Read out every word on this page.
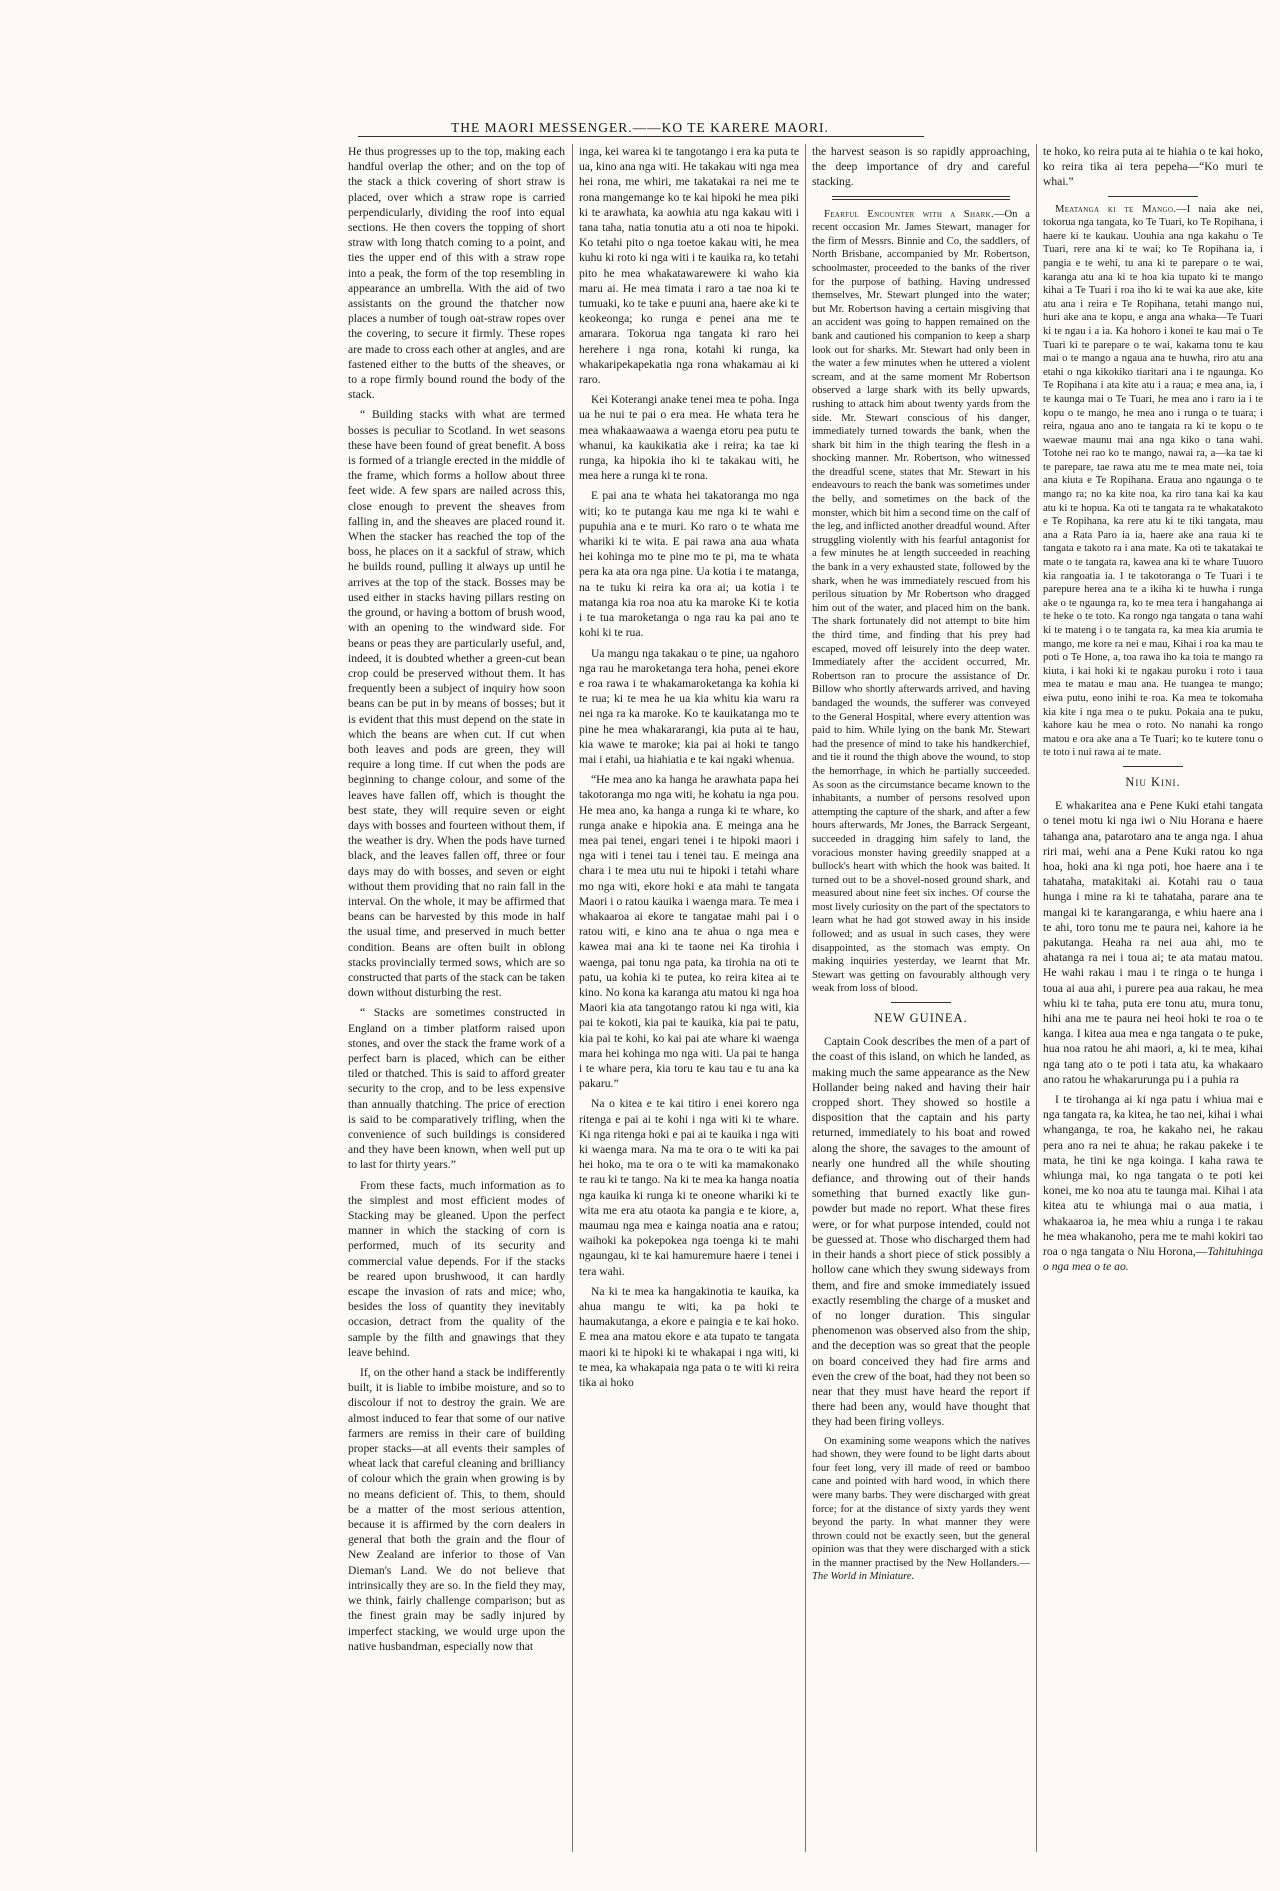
THE MAORI MESSENGER.——KO TE KARERE MAORI.

He thus progresses up to the top, making each handful overlap the other; and on the top of the stack a thick covering of short straw is placed, over which a straw rope is carried perpendicularly, dividing the roof into equal sections. He then covers the topping of short straw with long thatch coming to a point, and ties the upper end of this with a straw rope into a peak, the form of the top resembling in appearance an umbrella. With the aid of two assistants on the ground the thatcher now places a number of tough oat-straw ropes over the covering, to secure it firmly. These ropes are made to cross each other at angles, and are fastened either to the butts of the sheaves, or to a rope firmly bound round the body of the stack.

“ Building stacks with what are termed bosses is peculiar to Scotland. In wet seasons these have been found of great benefit. A boss is formed of a triangle erected in the middle of the frame, which forms a hollow about three feet wide. A few spars are nailed across this, close enough to prevent the sheaves from falling in, and the sheaves are placed round it. When the stacker has reached the top of the boss, he places on it a sackful of straw, which he builds round, pulling it always up until he arrives at the top of the stack. Bosses may be used either in stacks having pillars resting on the ground, or having a bottom of brush wood, with an opening to the windward side. For beans or peas they are particularly useful, and, indeed, it is doubted whether a green-cut bean crop could be preserved without them. It has frequently been a subject of inquiry how soon beans can be put in by means of bosses; but it is evident that this must depend on the state in which the beans are when cut. If cut when both leaves and pods are green, they will require a long time. If cut when the pods are beginning to change colour, and some of the leaves have fallen off, which is thought the best state, they will require seven or eight days with bosses and fourteen without them, if the weather is dry. When the pods have turned black, and the leaves fallen off, three or four days may do with bosses, and seven or eight without them providing that no rain fall in the interval. On the whole, it may be affirmed that beans can be harvested by this mode in half the usual time, and preserved in much better condition. Beans are often built in oblong stacks provincially termed sows, which are so constructed that parts of the stack can be taken down without disturbing the rest.

“ Stacks are sometimes constructed in England on a timber platform raised upon stones, and over the stack the frame work of a perfect barn is placed, which can be either tiled or thatched. This is said to afford greater security to the crop, and to be less expensive than annually thatching. The price of erection is said to be comparatively trifling, when the convenience of such buildings is considered and they have been known, when well put up to last for thirty years.”

From these facts, much information as to the simplest and most efficient modes of Stacking may be gleaned. Upon the perfect manner in which the stacking of corn is performed, much of its security and commercial value depends. For if the stacks be reared upon brushwood, it can hardly escape the invasion of rats and mice; who, besides the loss of quantity they inevitably occasion, detract from the quality of the sample by the filth and gnawings that they leave behind.

If, on the other hand a stack be indifferently built, it is liable to imbibe moisture, and so to discolour if not to destroy the grain. We are almost induced to fear that some of our native farmers are remiss in their care of building proper stacks—at all events their samples of wheat lack that careful cleaning and brilliancy of colour which the grain when growing is by no means deficient of. This, to them, should be a matter of the most serious attention, because it is affirmed by the corn dealers in general that both the grain and the flour of New Zealand are inferior to those of Van Dieman's Land. We do not believe that intrinsically they are so. In the field they may, we think, fairly challenge comparison; but as the finest grain may be sadly injured by imperfect stacking, we would urge upon the native husbandman, especially now that

inga, kei warea ki te tangotango i era ka puta te ua, kino ana nga witi. He takakau witi nga mea hei rona, me whiri, me takatakai ra nei me te rona mangemange ko te kai hipoki he mea piki ki te arawhata, ka aowhia atu nga kakau witi i tana taha, natia tonutia atu a oti noa te hipoki. Ko tetahi pito o nga toetoe kakau witi, he mea kuhu ki roto ki nga witi i te kauika ra, ko tetahi pito he mea whakatawarewere ki waho kia maru ai. He mea timata i raro a tae noa ki te tumuaki, ko te take e puuni ana, haere ake ki te keokeonga; ko runga e penei ana me te amarara. Tokorua nga tangata ki raro hei herehere i nga rona, kotahi ki runga, ka whakaripekapekatia nga rona whakamau ai ki raro.

Kei Koterangi anake tenei mea te poha. Inga ua he nui te pai o era mea. He whata tera he mea whakaawaawa a waenga etoru pea putu te whanui, ka kaukikatia ake i reira; ka tae ki runga, ka hipokia iho ki te takakau witi, he mea here a runga ki te rona.

E pai ana te whata hei takatoranga mo nga witi; ko te putanga kau me nga ki te wahi e pupuhia ana e te muri. Ko raro o te whata me whariki ki te wita. E pai rawa ana aua whata hei kohinga mo te pine mo te pi, ma te whata pera ka ata ora nga pine. Ua kotia i te matanga, na te tuku ki reira ka ora ai; ua kotia i te matanga kia roa noa atu ka maroke Ki te kotia i te tua maroketanga o nga rau ka pai ano te kohi ki te rua.

Ua mangu nga takakau o te pine, ua ngahoro nga rau he maroketanga tera hoha, penei ekore e roa rawa i te whakamaroketanga ka kohia ki te rua; ki te mea he ua kia whitu kia waru ra nei nga ra ka maroke. Ko te kauikatanga mo te pine he mea whakararangi, kia puta ai te hau, kia wawe te maroke; kia pai ai hoki te tango mai i etahi, ua hiahiatia e te kai ngaki whenua.

“He mea ano ka hanga he arawhata papa hei takotoranga mo nga witi, he kohatu ia nga pou. He mea ano, ka hanga a runga ki te whare, ko runga anake e hipokia ana. E meinga ana he mea pai tenei, engari tenei i te hipoki maori i nga witi i tenei tau i tenei tau. E meinga ana chara i te mea utu nui te hipoki i tetahi whare mo nga witi, ekore hoki e ata mahi te tangata Maori i o ratou kauika i waenga mara. Te mea i whakaaroa ai ekore te tangatae mahi pai i o ratou witi, e kino ana te ahua o nga mea e kawea mai ana ki te taone nei Ka tirohia i waenga, pai tonu nga pata, ka tirohia na oti te patu, ua kohia ki te putea, ko reira kitea ai te kino. No kona ka karanga atu matou ki nga hoa Maori kia ata tangotango ratou ki nga witi, kia pai te kokoti, kia pai te kauika, kia pai te patu, kia pai te kohi, ko kai pai ate whare ki waenga mara hei kohinga mo nga witi. Ua pai te hanga i te whare pera, kia toru te kau tau e tu ana ka pakaru.”

Na o kitea e te kai titiro i enei korero nga ritenga e pai ai te kohi i nga witi ki te whare. Ki nga ritenga hoki e pai ai te kauika i nga witi ki waenga mara. Na ma te ora o te witi ka pai hei hoko, ma te ora o te witi ka mamakonako te rau ki te tango. Na ki te mea ka hanga noatia nga kauika ki runga ki te oneone whariki ki te wita me era atu otaota ka pangia e te kiore, a, maumau nga mea e kainga noatia ana e ratou; waihoki ka pokepokea nga toenga ki te mahi ngaungau, ki te kai hamuremure haere i tenei i tera wahi.

Na ki te mea ka hangakinotia te kauika, ka ahua mangu te witi, ka pa hoki te haumakutanga, a ekore e paingia e te kai hoko. E mea ana matou ekore e ata tupato te tangata maori ki te hipoki ki te whakapai i nga witi, ki te mea, ka whakapaia nga pata o te witi ki reira tika ai hoko

the harvest season is so rapidly approaching, the deep importance of dry and careful stacking.

Fearful Encounter with a Shark.—On a recent occasion Mr. James Stewart, manager for the firm of Messrs. Binnie and Co, the saddlers, of North Brisbane, accompanied by Mr. Robertson, schoolmaster, proceeded to the banks of the river for the purpose of bathing. Having undressed themselves, Mr. Stewart plunged into the water; but Mr. Robertson having a certain misgiving that an accident was going to happen remained on the bank and cautioned his companion to keep a sharp look out for sharks. Mr. Stewart had only been in the water a few minutes when he uttered a violent scream, and at the same moment Mr Robertson observed a large shark with its belly upwards, rushing to attack him about twenty yards from the side. Mr. Stewart conscious of his danger, immediately turned towards the bank, when the shark bit him in the thigh tearing the flesh in a shocking manner. Mr. Robertson, who witnessed the dreadful scene, states that Mr. Stewart in his endeavours to reach the bank was sometimes under the belly, and sometimes on the back of the monster, which bit him a second time on the calf of the leg, and inflicted another dreadful wound. After struggling violently with his fearful antagonist for a few minutes he at length succeeded in reaching the bank in a very exhausted state, followed by the shark, when he was immediately rescued from his perilous situation by Mr Robertson who dragged him out of the water, and placed him on the bank. The shark fortunately did not attempt to bite him the third time, and finding that his prey had escaped, moved off leisurely into the deep water. Immediately after the accident occurred, Mr. Robertson ran to procure the assistance of Dr. Billow who shortly afterwards arrived, and having bandaged the wounds, the sufferer was conveyed to the General Hospital, where every attention was paid to him. While lying on the bank Mr. Stewart had the presence of mind to take his handkerchief, and tie it round the thigh above the wound, to stop the hemorrhage, in which he partially succeeded. As soon as the circumstance became known to the inhabitants, a number of persons resolved upon attempting the capture of the shark, and after a few hours afterwards, Mr Jones, the Barrack Sergeant, succeeded in dragging him safely to land, the voracious monster having greedily snapped at a bullock's heart with which the hook was baited. It turned out to be a shovel-nosed ground shark, and measured about nine feet six inches. Of course the most lively curiosity on the part of the spectators to learn what he had got stowed away in his inside followed; and as usual in such cases, they were disappointed, as the stomach was empty. On making inquiries yesterday, we learnt that Mr. Stewart was getting on favourably although very weak from loss of blood.

NEW GUINEA.

Captain Cook describes the men of a part of the coast of this island, on which he landed, as making much the same appearance as the New Hollander being naked and having their hair cropped short. They showed so hostile a disposition that the captain and his party returned, immediately to his boat and rowed along the shore, the savages to the amount of nearly one hundred all the while shouting defiance, and throwing out of their hands something that burned exactly like gun-powder but made no report. What these fires were, or for what purpose intended, could not be guessed at. Those who discharged them had in their hands a short piece of stick possibly a hollow cane which they swung sideways from them, and fire and smoke immediately issued exactly resembling the charge of a musket and of no longer duration. This singular phenomenon was observed also from the ship, and the deception was so great that the people on board conceived they had fire arms and even the crew of the boat, had they not been so near that they must have heard the report if there had been any, would have thought that they had been firing volleys.

On examining some weapons which the natives had shown, they were found to be light darts about four feet long, very ill made of reed or bamboo cane and pointed with hard wood, in which there were many barbs. They were discharged with great force; for at the distance of sixty yards they went beyond the party. In what manner they were thrown could not be exactly seen, but the general opinion was that they were discharged with a stick in the manner practised by the New Hollanders.—The World in Miniature.

te hoko, ko reira puta ai te hiahia o te kai hoko, ko reira tika ai tera pepeha—“Ko muri te whai.”

Meatanga ki te Mango.—I naia ake nei, tokorua nga tangata, ko Te Tuari, ko Te Ropihana, i haere ki te kaukau. Uouhia ana nga kakahu o Te Tuari, rere ana ki te wai; ko Te Ropihana ia, i pangia e te wehi, tu ana ki te parepare o te wai, karanga atu ana ki te hoa kia tupato ki te mango kihai a Te Tuari i roa iho ki te wai ka aue ake, kite atu ana i reira e Te Ropihana, tetahi mango nui, huri ake ana te kopu, e anga ana whaka—Te Tuari ki te ngau i a ia. Ka hohoro i konei te kau mai o Te Tuari ki te parepare o te wai, kakama tonu te kau mai o te mango a ngaua ana te huwha, riro atu ana etahi o nga kikokiko tiaritari ana i te ngaunga. Ko Te Ropihana i ata kite atu i a raua; e mea ana, ia, i te kaunga mai o Te Tuari, he mea ano i raro ia i te kopu o te mango, he mea ano i runga o te tuara; i reira, ngaua ano ano te tangata ra ki te kopu o te waewae maunu mai ana nga kiko o tana wahi. Totohe nei rao ko te mango, nawai ra, a—ka tae ki te parepare, tae rawa atu me te mea mate nei, toia ana kiuta e Te Ropihana. Eraua ano ngaunga o te mango ra; no ka kite noa, ka riro tana kai ka kau atu ki te hopua. Ka oti te tangata ra te whakatakoto e Te Ropihana, ka rere atu ki te tiki tangata, mau ana a Rata Paro ia ia, haere ake ana raua ki te tangata e takoto ra i ana mate. Ka oti te takatakai te mate o te tangata ra, kawea ana ki te whare Tuuoro kia rangoatia ia. I te takotoranga o Te Tuari i te parepure herea ana te a ikiha ki te huwha i runga ake o te ngaunga ra, ko te mea tera i hangahanga ai te heke o te toto. Ka rongo nga tangata o tana wahi ki te mateng i o te tangata ra, ka mea kia arumia te mango, me kore ra nei e mau, Kihai i roa ka mau te poti o Te Hone, a, toa rawa iho ka toia te mango ra kiuta, i kai hoki ki te ngakau puroku i roto i taua mea te matau e mau ana. He tuangea te mango; eiwa putu, eono inihi te roa. Ka mea te tokomaha kia kite i nga mea o te puku. Pokaia ana te puku, kahore kau he mea o roto. No nanahi ka rongo matou e ora ake ana a Te Tuari; ko te kutere tonu o te toto i nui rawa ai te mate.

Niu Kini.

E whakaritea ana e Pene Kuki etahi tangata o tenei motu ki nga iwi o Niu Horana e haere tahanga ana, patarotaro ana te anga nga. I ahua riri mai, wehi ana a Pene Kuki ratou ko nga hoa, hoki ana ki nga poti, hoe haere ana i te tahataha, matakitaki ai. Kotahi rau o taua hunga i mine ra ki te tahataha, parare ana te mangai ki te karangaranga, e whiu haere ana i te ahi, toro tonu me te paura nei, kahore ia he pakutanga. Heaha ra nei aua ahi, mo te ahatanga ra nei i toua ai; te ata matau matou. He wahi rakau i mau i te ringa o te hunga i toua ai aua ahi, i purere pea aua rakau, he mea whiu ki te taha, puta ere tonu atu, mura tonu, hihi ana me te paura nei heoi hoki te roa o te kanga. I kitea aua mea e nga tangata o te puke, hua noa ratou he ahi maori, a, ki te mea, kihai nga tang ato o te poti i tata atu, ka whakaaro ano ratou he whakarurunga pu i a puhia ra

I te tirohanga ai ki nga patu i whiua mai e nga tangata ra, ka kitea, he tao nei, kihai i whai whanganga, te roa, he kakaho nei, he rakau pera ano ra nei te ahua; he rakau pakeke i te mata, he tini ke nga koinga. I kaha rawa te whiunga mai, ko nga tangata o te poti kei konei, me ko noa atu te taunga mai. Kihai i ata kitea atu te whiunga mai o aua matia, i whakaaroa ia, he mea whiu a runga i te rakau he mea whakanoho, pera me te mahi kokiri tao roa o nga tangata o Niu Horona,—Tahituhinga o nga mea o te ao.
